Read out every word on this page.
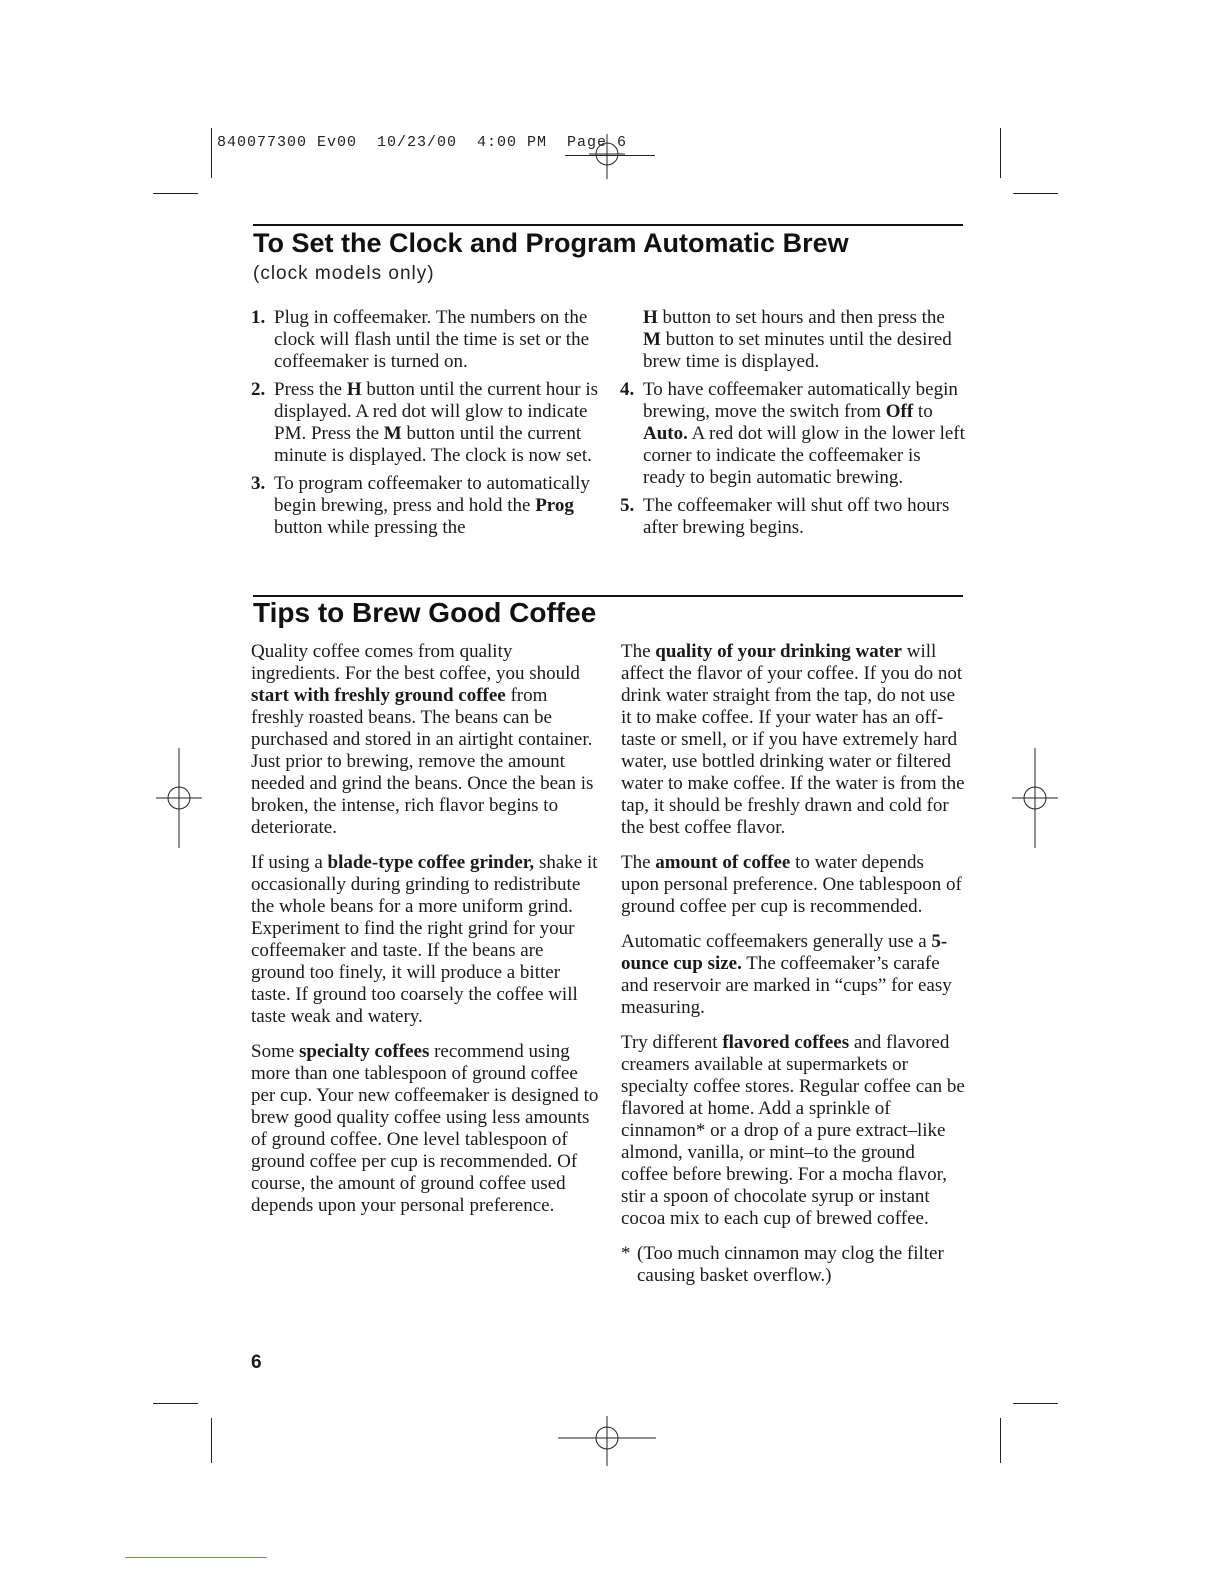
840077300 Ev00  10/23/00  4:00 PM  Page 6
To Set the Clock and Program Automatic Brew
(clock models only)
1. Plug in coffeemaker. The numbers on the clock will flash until the time is set or the coffeemaker is turned on.
2. Press the H button until the current hour is displayed. A red dot will glow to indicate PM. Press the M button until the current minute is displayed. The clock is now set.
3. To program coffeemaker to automatically begin brewing, press and hold the Prog button while pressing the
H button to set hours and then press the M button to set minutes until the desired brew time is displayed.
4. To have coffeemaker automatically begin brewing, move the switch from Off to Auto. A red dot will glow in the lower left corner to indicate the coffeemaker is ready to begin automatic brewing.
5. The coffeemaker will shut off two hours after brewing begins.
Tips to Brew Good Coffee

Quality coffee comes from quality ingredients. For the best coffee, you should start with freshly ground coffee from freshly roasted beans. The beans can be purchased and stored in an airtight container. Just prior to brewing, remove the amount needed and grind the beans. Once the bean is broken, the intense, rich flavor begins to deteriorate.

If using a blade-type coffee grinder, shake it occasionally during grinding to redistribute the whole beans for a more uniform grind. Experiment to find the right grind for your coffeemaker and taste. If the beans are ground too finely, it will produce a bitter taste. If ground too coarsely the coffee will taste weak and watery.

Some specialty coffees recommend using more than one tablespoon of ground coffee per cup. Your new coffeemaker is designed to brew good quality coffee using less amounts of ground coffee. One level tablespoon of ground coffee per cup is recommended. Of course, the amount of ground coffee used depends upon your personal preference.

The quality of your drinking water will affect the flavor of your coffee. If you do not drink water straight from the tap, do not use it to make coffee. If your water has an off-taste or smell, or if you have extremely hard water, use bottled drinking water or filtered water to make coffee. If the water is from the tap, it should be freshly drawn and cold for the best coffee flavor.

The amount of coffee to water depends upon personal preference. One tablespoon of ground coffee per cup is recommended.

Automatic coffeemakers generally use a 5-ounce cup size. The coffeemaker’s carafe and reservoir are marked in “cups” for easy measuring.

Try different flavored coffees and flavored creamers available at supermarkets or specialty coffee stores. Regular coffee can be flavored at home. Add a sprinkle of cinnamon* or a drop of a pure extract–like almond, vanilla, or mint–to the ground coffee before brewing. For a mocha flavor, stir a spoon of chocolate syrup or instant cocoa mix to each cup of brewed coffee.

* (Too much cinnamon may clog the filter causing basket overflow.)
6
